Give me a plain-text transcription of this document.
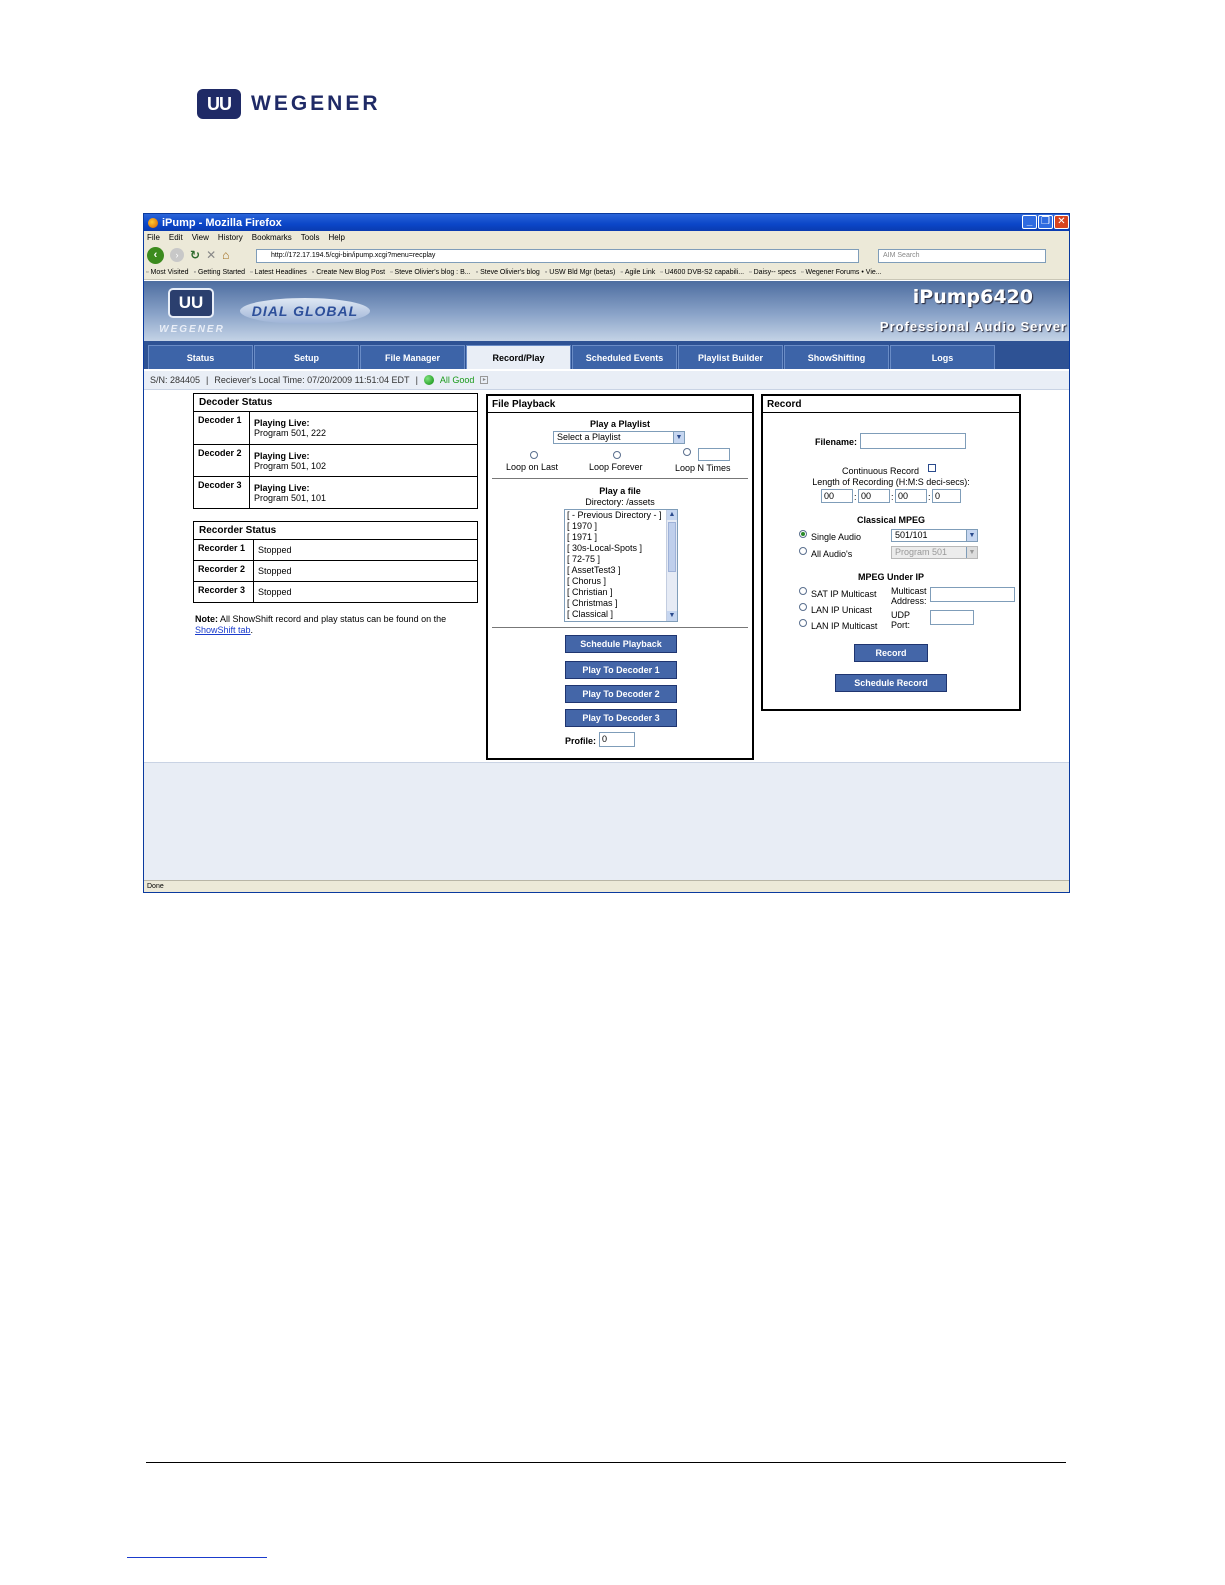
UU WEGENER
iPump - Mozilla Firefox	_ ❐ ✕
File Edit View History Bookmarks Tools Help
‹	› ↻ ✕ ⌂	http://172.17.194.5/cgi-bin/ipump.xcgi?menu=recplay	AIM Search
▫ Most Visited	▫ Getting Started	▫ Latest Headlines	▫ Create New Blog Post	▫ Steve Olivier's blog : B...	▫ Steve Olivier's blog	▫ USW Bld Mgr (betas)	▫ Agile Link	▫ U4600 DVB-S2 capabili...	▫ Daisy-- specs	▫ Wegener Forums • Vie...
UU
WEGENER
DIAL GLOBAL
iPump6420
Professional Audio Server
Status	Setup	File Manager	Record/Play	Scheduled Events	Playlist Builder	ShowShifting	Logs
S/N: 284405 | Reciever's Local Time: 07/20/2009 11:51:04 EDT | All Good	▸
Decoder Status	
Decoder 1	Playing Live:
Program 501, 222
Decoder 2	Playing Live:
Program 501, 102
Decoder 3	Playing Live:
Program 501, 101
Recorder Status	
Recorder 1	Stopped
Recorder 2	Stopped
Recorder 3	Stopped
Note: All ShowShift record and play status can be found on the
ShowShift tab.
File Playback
Play a Playlist
Select a Playlist	▼
Loop on Last	Loop Forever	Loop N Times
Play a file
Directory: /assets
[ - Previous Directory - ]
[ 1970 ]
[ 1971 ]
[ 30s-Local-Spots ]
[ 72-75 ]
[ AssetTest3 ]
[ Chorus ]
[ Christian ]
[ Christmas ]
[ Classical ]
▲
▼
Schedule Playback
Play To Decoder 1
Play To Decoder 2
Play To Decoder 3
Profile: 0
Record
Filename:
Continuous Record
Length of Recording (H:M:S deci-secs):
00	: 00	: 00	: 0
Classical MPEG
Single Audio	501/101	▼
All Audio's	Program 501	▼
MPEG Under IP
SAT IP Multicast
LAN IP Unicast
LAN IP Multicast
Multicast
Address:
UDP
Port:
Record
Schedule Record
Done
